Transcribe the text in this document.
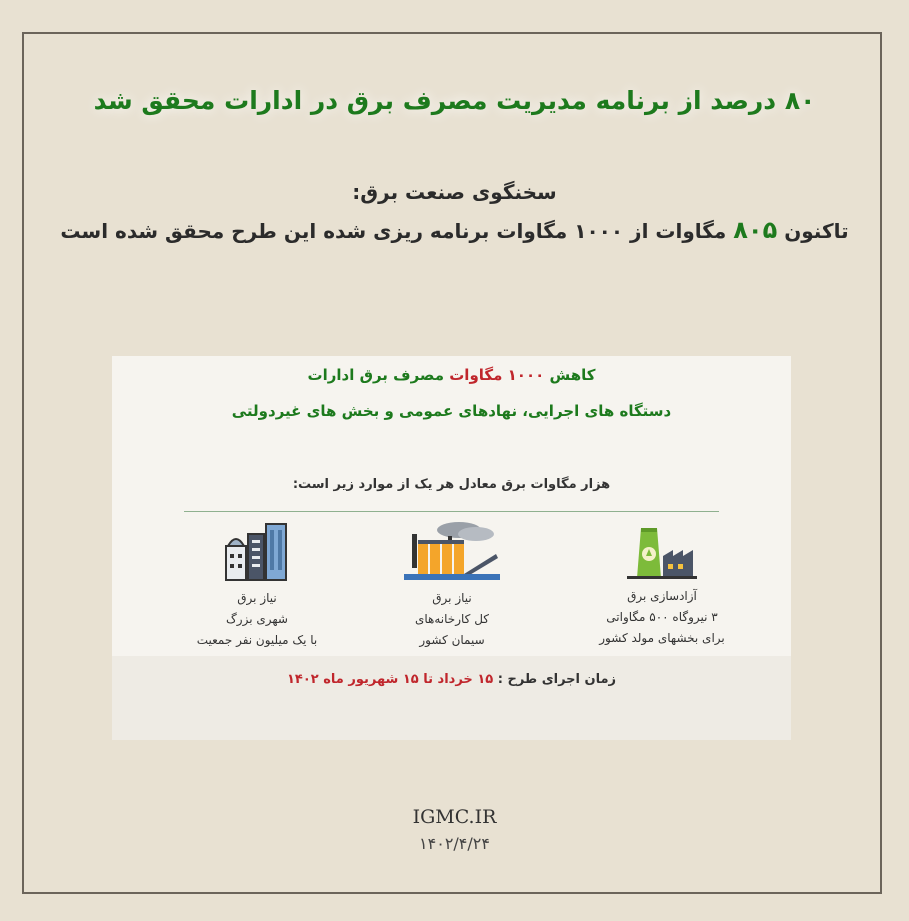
۸۰ درصد از برنامه مدیریت مصرف برق در ادارات محقق شد
سخنگوی صنعت برق:
تاکنون ۸۰۵ مگاوات از ۱۰۰۰ مگاوات برنامه ریزی شده این طرح محقق شده است
کاهش ۱۰۰۰ مگاوات مصرف برق ادارات
دستگاه های اجرایی، نهادهای عمومی و بخش های غیردولتی
هزار مگاوات برق معادل هر یک از موارد زیر است:
آزادسازی برق
۳ نیروگاه ۵۰۰ مگاواتی
برای بخشهای مولد کشور
نیاز برق
کل کارخانه‌های
سیمان کشور
نیاز برق
شهری بزرگ
با یک میلیون نفر جمعیت
زمان اجرای طرح : ۱۵ خرداد تا ۱۵ شهریور ماه ۱۴۰۲
IGMC.IR
۱۴۰۲/۴/۲۴
